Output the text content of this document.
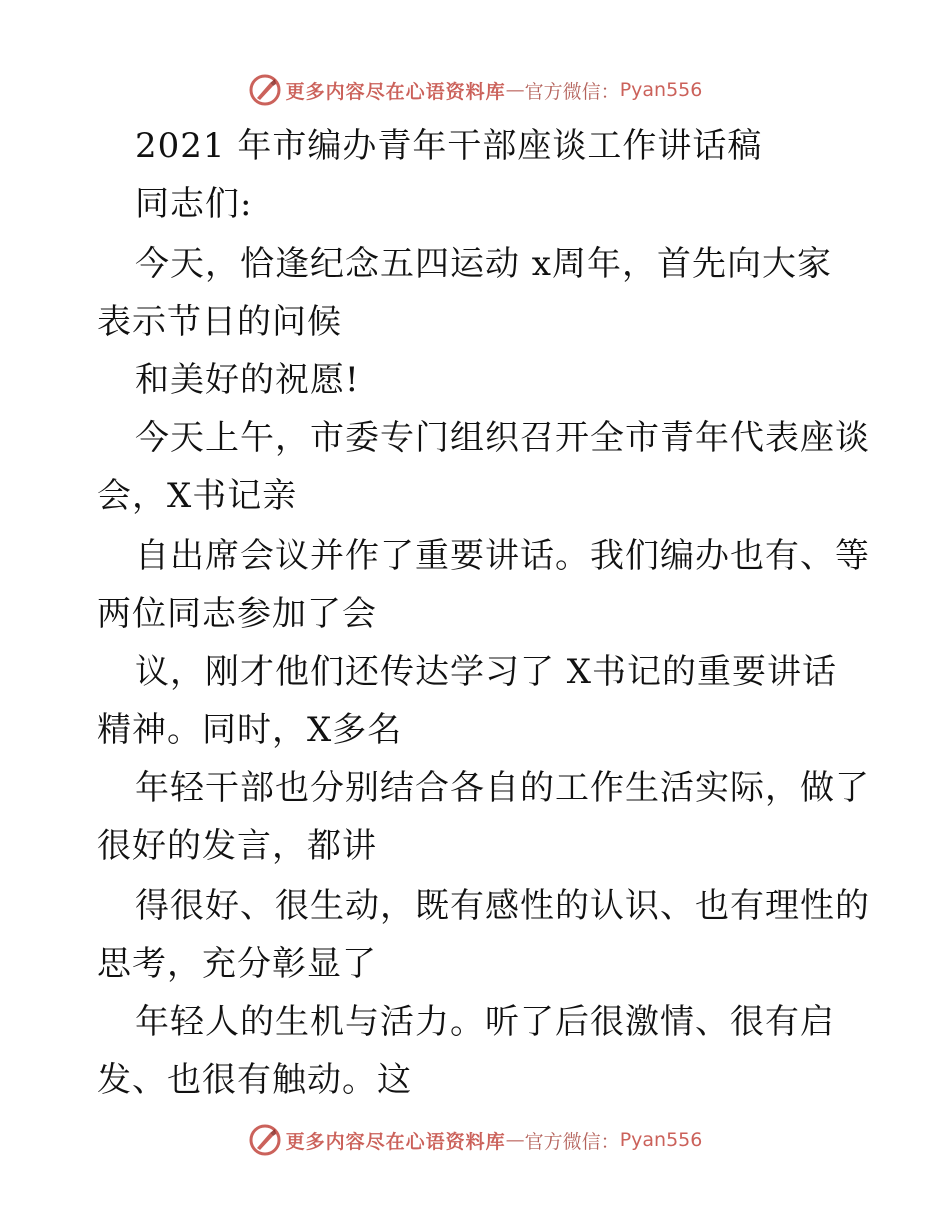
更多内容尽在心语资料库 — 官方微信： Pyan556
2021 年市编办青年干部座谈工作讲话稿
同志们:
今天，恰逢纪念五四运动 x周年，首先向大家
表示节日的问候
和美好的祝愿!
今天上午，市委专门组织召开全市青年代表座谈
会，X书记亲
自出席会议并作了重要讲话。我们编办也有、等
两位同志参加了会
议，刚才他们还传达学习了 X书记的重要讲话
精神。同时，X多名
年轻干部也分别结合各自的工作生活实际，做了
很好的发言，都讲
得很好、很生动，既有感性的认识、也有理性的
思考，充分彰显了
年轻人的生机与活力。听了后很激情、很有启
发、也很有触动。这
更多内容尽在心语资料库 — 官方微信： Pyan556
